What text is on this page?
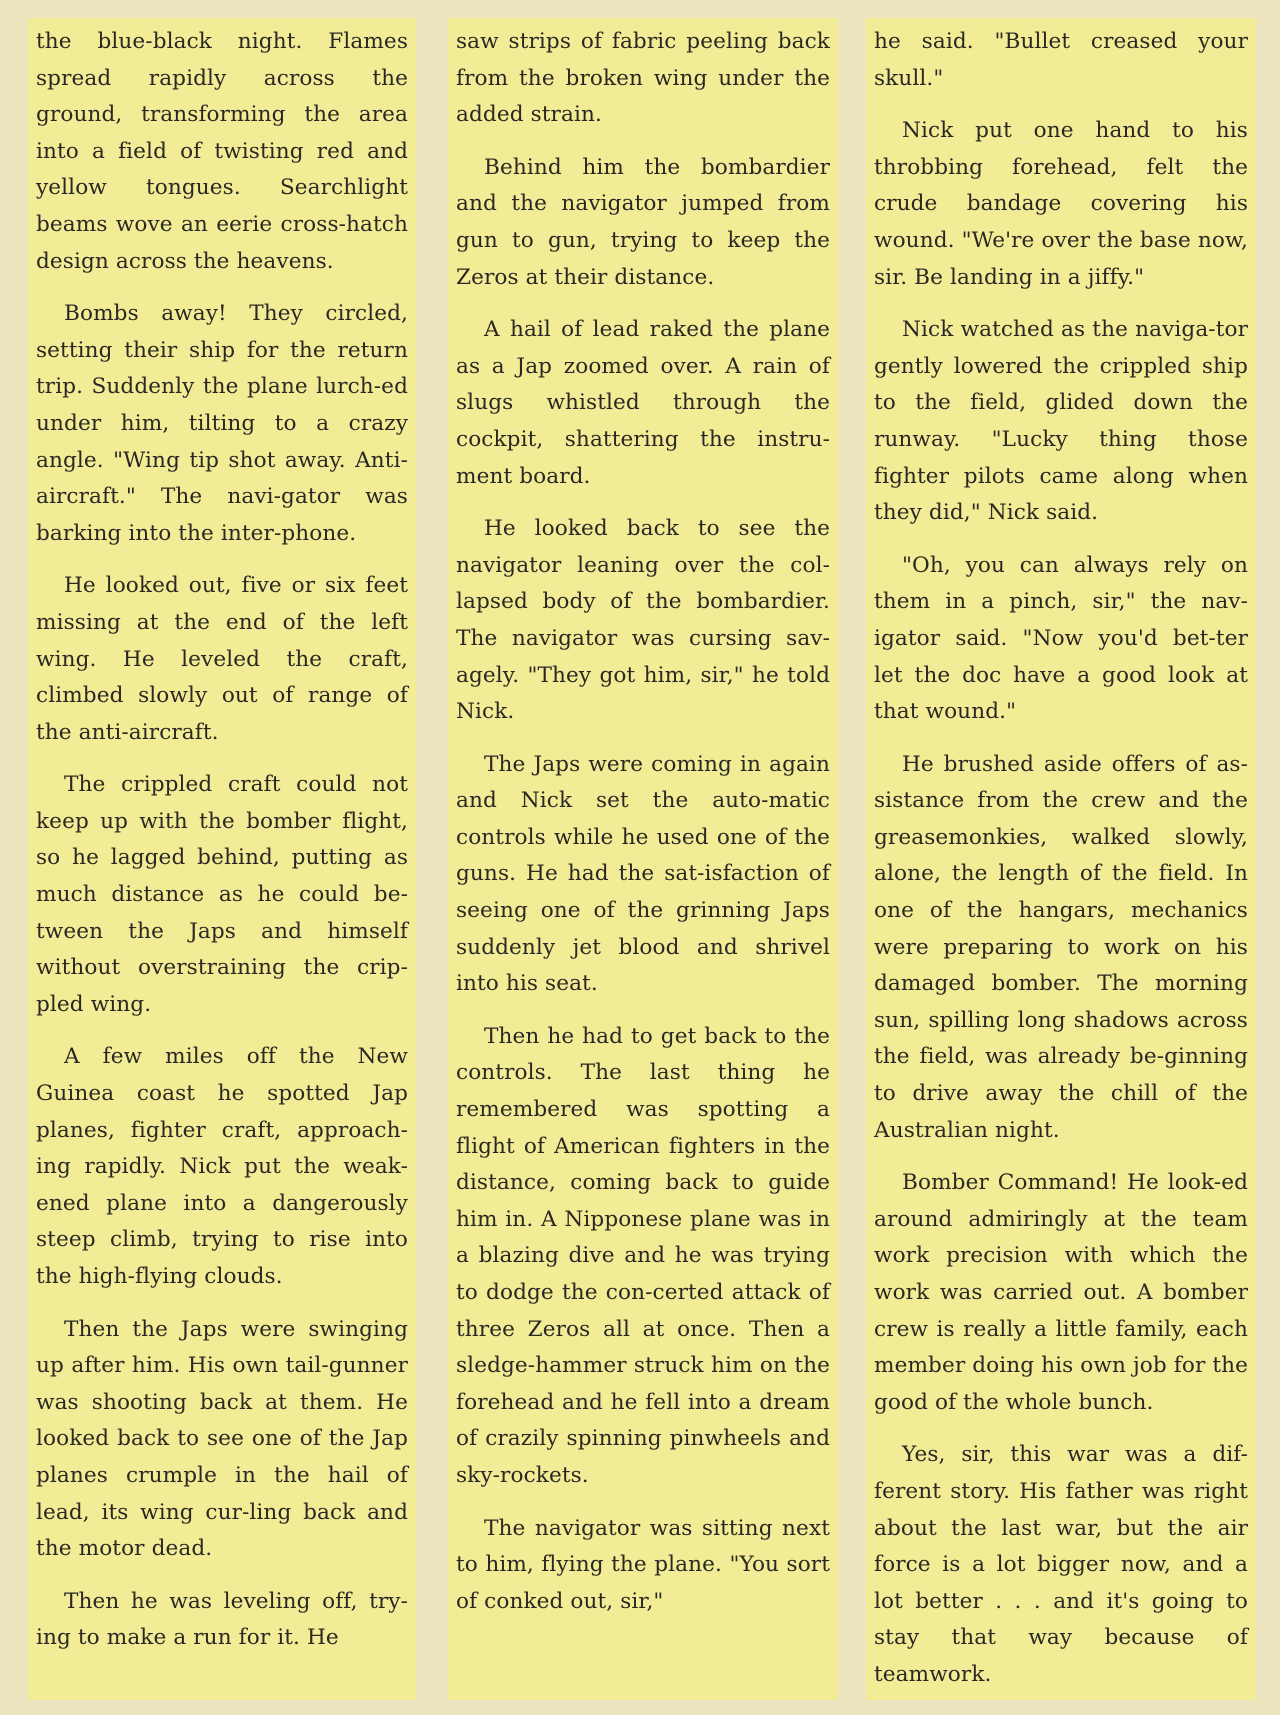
the blue-black night. Flames spread rapidly across the ground, transforming the area into a field of twisting red and yellow tongues. Searchlight beams wove an eerie cross-hatch design across the heavens.

Bombs away! They circled, setting their ship for the return trip. Suddenly the plane lurch-ed under him, tilting to a crazy angle. "Wing tip shot away. Anti-aircraft." The navi-gator was barking into the inter-phone.

He looked out, five or six feet missing at the end of the left wing. He leveled the craft, climbed slowly out of range of the anti-aircraft.

The crippled craft could not keep up with the bomber flight, so he lagged behind, putting as much distance as he could be-tween the Japs and himself without overstraining the crip-pled wing.

A few miles off the New Guinea coast he spotted Jap planes, fighter craft, approach-ing rapidly. Nick put the weak-ened plane into a dangerously steep climb, trying to rise into the high-flying clouds.

Then the Japs were swinging up after him. His own tail-gunner was shooting back at them. He looked back to see one of the Jap planes crumple in the hail of lead, its wing cur-ling back and the motor dead.

Then he was leveling off, try-ing to make a run for it. He

saw strips of fabric peeling back from the broken wing under the added strain.

Behind him the bombardier and the navigator jumped from gun to gun, trying to keep the Zeros at their distance.

A hail of lead raked the plane as a Jap zoomed over. A rain of slugs whistled through the cockpit, shattering the instru-ment board.

He looked back to see the navigator leaning over the col-lapsed body of the bombardier. The navigator was cursing sav-agely. "They got him, sir," he told Nick.

The Japs were coming in again and Nick set the auto-matic controls while he used one of the guns. He had the sat-isfaction of seeing one of the grinning Japs suddenly jet blood and shrivel into his seat.

Then he had to get back to the controls. The last thing he remembered was spotting a flight of American fighters in the distance, coming back to guide him in. A Nipponese plane was in a blazing dive and he was trying to dodge the con-certed attack of three Zeros all at once. Then a sledge-hammer struck him on the forehead and he fell into a dream of crazily spinning pinwheels and sky-rockets.

The navigator was sitting next to him, flying the plane. "You sort of conked out, sir,"

he said. "Bullet creased your skull."

Nick put one hand to his throbbing forehead, felt the crude bandage covering his wound. "We're over the base now, sir. Be landing in a jiffy."

Nick watched as the naviga-tor gently lowered the crippled ship to the field, glided down the runway. "Lucky thing those fighter pilots came along when they did," Nick said.

"Oh, you can always rely on them in a pinch, sir," the nav-igator said. "Now you'd bet-ter let the doc have a good look at that wound."

He brushed aside offers of as-sistance from the crew and the greasemonkies, walked slowly, alone, the length of the field. In one of the hangars, mechanics were preparing to work on his damaged bomber. The morning sun, spilling long shadows across the field, was already be-ginning to drive away the chill of the Australian night.

Bomber Command! He look-ed around admiringly at the team work precision with which the work was carried out. A bomber crew is really a little family, each member doing his own job for the good of the whole bunch.

Yes, sir, this war was a dif-ferent story. His father was right about the last war, but the air force is a lot bigger now, and a lot better . . . and it's going to stay that way because of teamwork.
